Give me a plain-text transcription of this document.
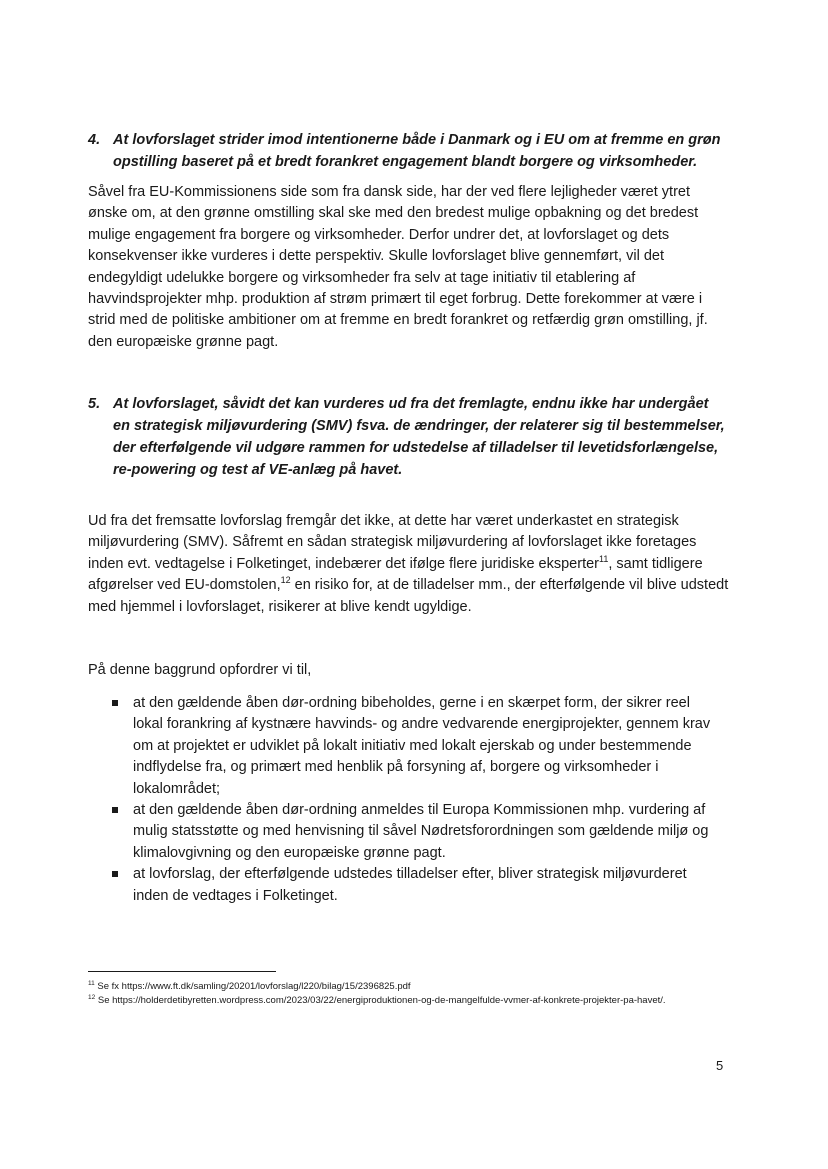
4. At lovforslaget strider imod intentionerne både i Danmark og i EU om at fremme en grøn opstilling baseret på et bredt forankret engagement blandt borgere og virksomheder.
Såvel fra EU-Kommissionens side som fra dansk side, har der ved flere lejligheder været ytret ønske om, at den grønne omstilling skal ske med den bredest mulige opbakning og det bredest mulige engagement fra borgere og virksomheder. Derfor undrer det, at lovforslaget og dets konsekvenser ikke vurderes i dette perspektiv. Skulle lovforslaget blive gennemført, vil det endegyldigt udelukke borgere og virksomheder fra selv at tage initiativ til etablering af havvindsprojekter mhp. produktion af strøm primært til eget forbrug. Dette forekommer at være i strid med de politiske ambitioner om at fremme en bredt forankret og retfærdig grøn omstilling, jf. den europæiske grønne pagt.
5. At lovforslaget, såvidt det kan vurderes ud fra det fremlagte, endnu ikke har undergået en strategisk miljøvurdering (SMV) fsva. de ændringer, der relaterer sig til bestemmelser, der efterfølgende vil udgøre rammen for udstedelse af tilladelser til levetidsforlængelse, re-powering og test af VE-anlæg på havet.
Ud fra det fremsatte lovforslag fremgår det ikke, at dette har været underkastet en strategisk miljøvurdering (SMV). Såfremt en sådan strategisk miljøvurdering af lovforslaget ikke foretages inden evt. vedtagelse i Folketinget, indebærer det ifølge flere juridiske eksperter$^{11}$, samt tidligere afgørelser ved EU-domstolen,$^{12}$ en risiko for, at de tilladelser mm., der efterfølgende vil blive udstedt med hjemmel i lovforslaget, risikerer at blive kendt ugyldige.
På denne baggrund opfordrer vi til,
at den gældende åben dør-ordning bibeholdes, gerne i en skærpet form, der sikrer reel lokal forankring af kystnære havvinds- og andre vedvarende energiprojekter, gennem krav om at projektet er udviklet på lokalt initiativ med lokalt ejerskab og under bestemmende indflydelse fra, og primært med henblik på forsyning af, borgere og virksomheder i lokalområdet;
at den gældende åben dør-ordning anmeldes til Europa Kommissionen mhp. vurdering af mulig statsstøtte og med henvisning til såvel Nødretsforordningen som gældende miljø og klimalovgivning og den europæiske grønne pagt.
at lovforslag, der efterfølgende udstedes tilladelser efter, bliver strategisk miljøvurderet inden de vedtages i Folketinget.
$^{11}$ Se fx https://www.ft.dk/samling/20201/lovforslag/l220/bilag/15/2396825.pdf
$^{12}$ Se https://holderdetibyretten.wordpress.com/2023/03/22/energiproduktionen-og-de-mangelfulde-vvmer-af-konkrete-projekter-pa-havet/.
5
